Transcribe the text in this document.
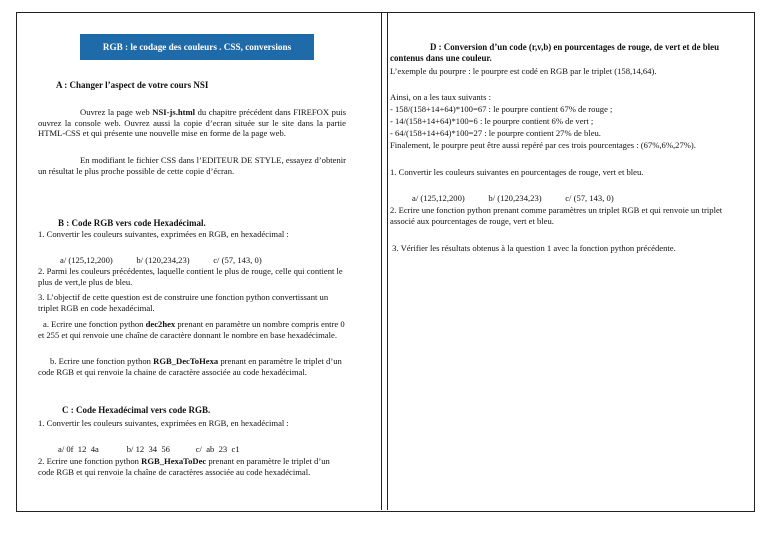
RGB : le codage des couleurs . CSS, conversions

A : Changer l’aspect de votre cours NSI

Ouvrez la page web NSI-js.html du chapitre précédent dans FIREFOX puis ouvrez la console web. Ouvrez aussi la copie d’ecran située sur le site dans la partie HTML-CSS et qui présente une nouvelle mise en forme de la page web.

En modifiant le fichier CSS dans l’EDITEUR DE STYLE, essayez d’obtenir un résultat le plus proche possible de cette copie d’écran.

B : Code RGB vers code Hexadécimal.

1. Convertir les couleurs suivantes, exprimées en RGB, en hexadécimal :

a/ (125,12,200)           b/ (120,234,23)           c/ (57, 143, 0)

2. Parmi les couleurs précédentes, laquelle contient le plus de rouge, celle qui contient le plus de vert,le plus de bleu.

3. L’objectif de cette question est de construire une fonction python convertissant un triplet RGB en code hexadécimal.

a. Ecrire une fonction python dec2hex prenant en paramètre un nombre compris entre 0 et 255 et qui renvoie une chaîne de caractère donnant le nombre en base hexadécimale.

b. Ecrire une fonction python RGB_DecToHexa prenant en paramètre le triplet d’un code RGB et qui renvoie la chaine de caractère associée au code hexadécimal.

C : Code Hexadécimal vers code RGB.

1. Convertir les couleurs suivantes, exprimées en RGB, en hexadécimal :

a/ 0f  12  4a             b/ 12  34  56            c/  ab  23  c1

2. Ecrire une fonction python RGB_HexaToDec prenant en paramètre le triplet d’un code RGB et qui renvoie la chaîne de caractères associée au code hexadécimal.

D : Conversion d’un code (r,v,b) en pourcentages de rouge, de vert et de bleu contenus dans une couleur.

L’exemple du pourpre : le pourpre est codé en RGB par le triplet (158,14,64).

Ainsi, on a les taux suivants :

- 158/(158+14+64)*100=67 : le pourpre contient 67% de rouge ;

- 14/(158+14+64)*100=6 : le pourpre contient 6% de vert ;

- 64/(158+14+64)*100=27 : le pourpre contient 27% de bleu.

Finalement, le pourpre peut être aussi repéré par ces trois pourcentages : (67%,6%,27%).

1. Convertir les couleurs suivantes en pourcentages de rouge, vert et bleu.

a/ (125,12,200)           b/ (120,234,23)           c/ (57, 143, 0)

2. Ecrire une fonction python prenant comme paramètres un triplet RGB et qui renvoie un triplet associé aux pourcentages de rouge, vert et bleu.

3. Vérifier les résultats obtenus à la question 1 avec la fonction python précédente.
